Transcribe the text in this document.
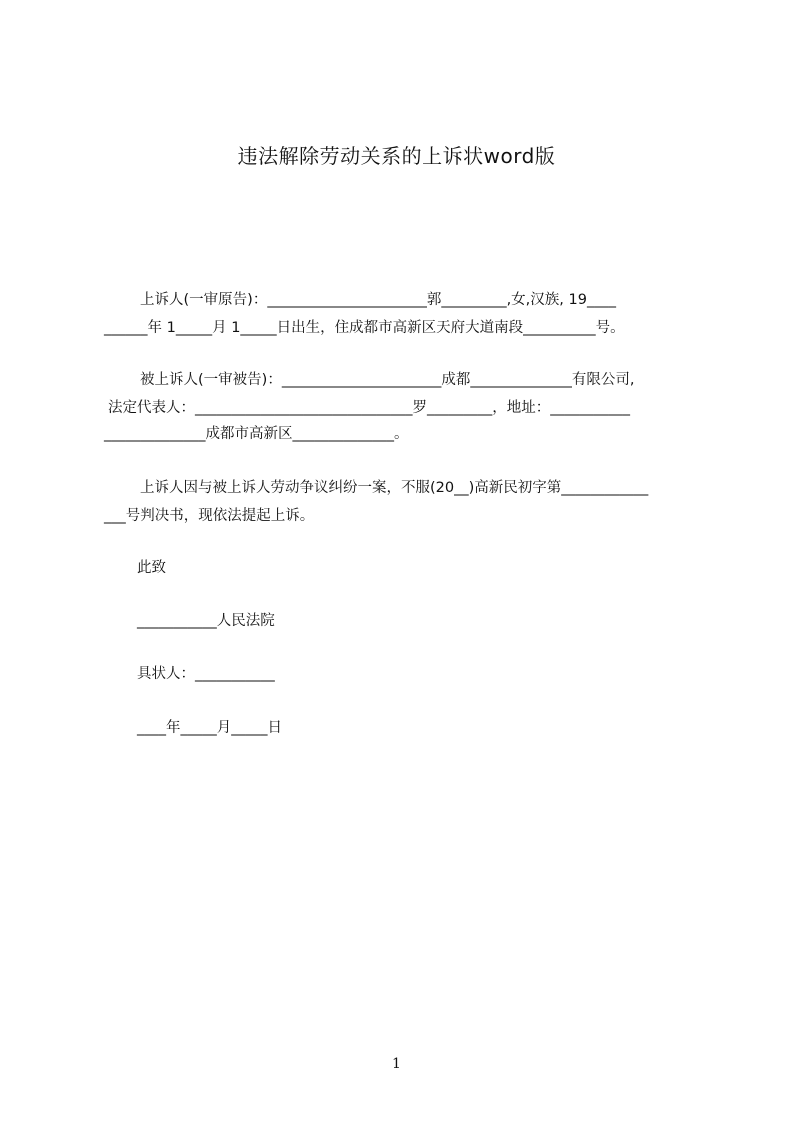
违法解除劳动关系的上诉状word版
上诉人(一审原告)：______________________郭_________,女,汉族, 19____
______年 1_____月 1_____日出生，住成都市高新区天府大道南段__________号。
被上诉人(一审被告)：______________________成都______________有限公司,
法定代表人：______________________________罗_________，地址：___________
______________成都市高新区______________。
上诉人因与被上诉人劳动争议纠纷一案，不服(20__)高新民初字第____________
___号判决书，现依法提起上诉。
此致
___________人民法院
具状人：___________
____年_____月_____日
1
